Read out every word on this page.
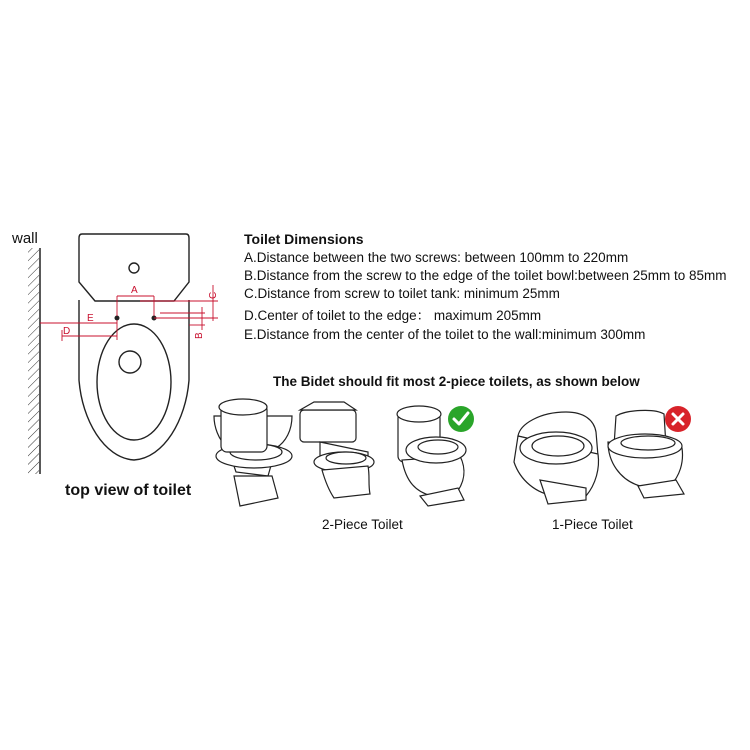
A
E
D
C
B
wall
top view of toilet
Toilet Dimensions
A.Distance between the two screws: between 100mm to 220mm
B.Distance from the screw to the edge of the toilet bowl:between 25mm to 85mm
C.Distance from screw to toilet tank: minimum 25mm
D.Center of toilet to the edge： maximum 205mm
E.Distance from the center of the toilet to the wall:minimum 300mm
The Bidet should fit most 2-piece toilets, as shown below
2-Piece Toilet	1-Piece Toilet
